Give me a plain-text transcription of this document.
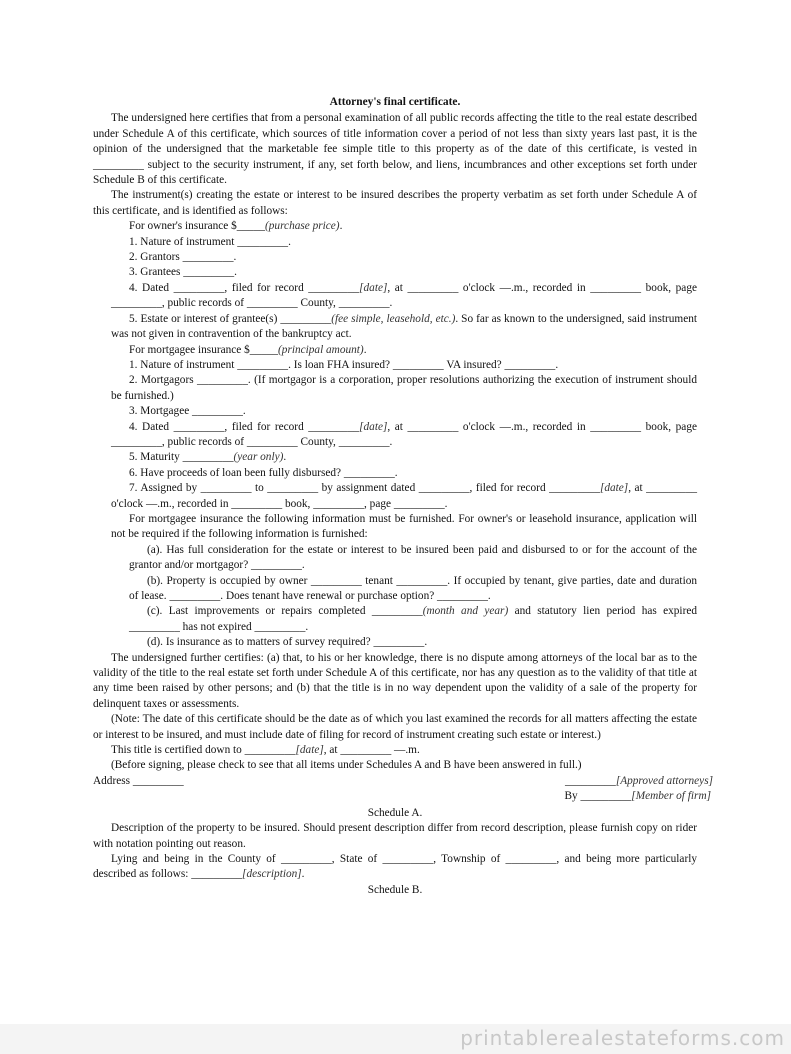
Attorney's final certificate.

The undersigned here certifies that from a personal examination of all public records affecting the title to the real estate described under Schedule A of this certificate, which sources of title information cover a period of not less than sixty years last past, it is the opinion of the undersigned that the marketable fee simple title to this property as of the date of this certificate, is vested in _________ subject to the security instrument, if any, set forth below, and liens, incumbrances and other exceptions set forth under Schedule B of this certificate.

The instrument(s) creating the estate or interest to be insured describes the property verbatim as set forth under Schedule A of this certificate, and is identified as follows:

For owner's insurance $_____(purchase price).

1. Nature of instrument _________.

2. Grantors _________.

3. Grantees _________.

4. Dated _________, filed for record _________[date], at _________ o'clock —.m., recorded in _________ book, page _________, public records of _________ County, _________.

5. Estate or interest of grantee(s) _________(fee simple, leasehold, etc.). So far as known to the undersigned, said instrument was not given in contravention of the bankruptcy act.

For mortgagee insurance $_____(principal amount).

1. Nature of instrument _________. Is loan FHA insured? _________ VA insured? _________.

2. Mortgagors _________. (If mortgagor is a corporation, proper resolutions authorizing the execution of instrument should be furnished.)

3. Mortgagee _________.

4. Dated _________, filed for record _________[date], at _________ o'clock —.m., recorded in _________ book, page _________, public records of _________ County, _________.

5. Maturity _________(year only).

6. Have proceeds of loan been fully disbursed? _________.

7. Assigned by _________ to _________ by assignment dated _________, filed for record _________[date], at _________ o'clock —.m., recorded in _________ book, _________, page _________.

For mortgagee insurance the following information must be furnished. For owner's or leasehold insurance, application will not be required if the following information is furnished:

(a). Has full consideration for the estate or interest to be insured been paid and disbursed to or for the account of the grantor and/or mortgagor? _________.

(b). Property is occupied by owner _________ tenant _________. If occupied by tenant, give parties, date and duration of lease. _________. Does tenant have renewal or purchase option? _________.

(c). Last improvements or repairs completed _________(month and year) and statutory lien period has expired _________ has not expired _________.

(d). Is insurance as to matters of survey required? _________.

The undersigned further certifies: (a) that, to his or her knowledge, there is no dispute among attorneys of the local bar as to the validity of the title to the real estate set forth under Schedule A of this certificate, nor has any question as to the validity of that title at any time been raised by other persons; and (b) that the title is in no way dependent upon the validity of a sale of the property for delinquent taxes or assessments.

(Note: The date of this certificate should be the date as of which you last examined the records for all matters affecting the estate or interest to be insured, and must include date of filing for record of instrument creating such estate or interest.)

This title is certified down to _________[date], at _________ —.m.

(Before signing, please check to see that all items under Schedules A and B have been answered in full.)

Address _________	_________[Approved attorneys]

By _________[Member of firm]

Schedule A.

Description of the property to be insured. Should present description differ from record description, please furnish copy on rider with notation pointing out reason.

Lying and being in the County of _________, State of _________, Township of _________, and being more particularly described as follows: _________[description].

Schedule B.

printablerealestateforms.com
